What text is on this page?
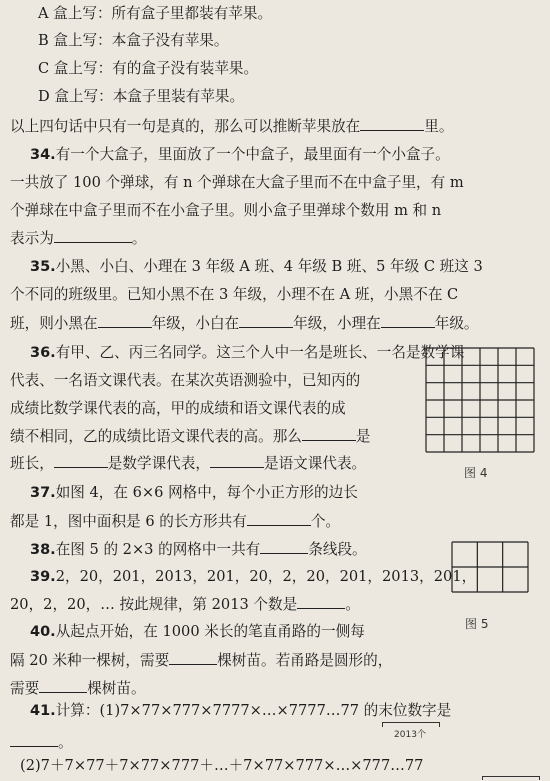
A 盒上写：所有盒子里都装有苹果。
B 盒上写：本盒子没有苹果。
C 盒上写：有的盒子没有装苹果。
D 盒上写：本盒子里装有苹果。
以上四句话中只有一句是真的，那么可以推断苹果放在	里。
34.有一个大盒子，里面放了一个中盒子，最里面有一个小盒子。
一共放了 100 个弹球，有 n 个弹球在大盒子里而不在中盒子里，有 m
个弹球在中盒子里而不在小盒子里。则小盒子里弹球个数用 m 和 n
表示为	。
35.小黑、小白、小理在 3 年级 A 班、4 年级 B 班、5 年级 C 班这 3
个不同的班级里。已知小黑不在 3 年级，小理不在 A 班，小黑不在 C
班，则小黑在	年级，小白在	年级，小理在	年级。
36.有甲、乙、丙三名同学。这三个人中一名是班长、一名是数学课
代表、一名语文课代表。在某次英语测验中，已知丙的
成绩比数学课代表的高，甲的成绩和语文课代表的成
绩不相同，乙的成绩比语文课代表的高。那么	是
班长，	是数学课代表，	是语文课代表。
图 4
37.如图 4，在 6×6 网格中，每个小正方形的边长
都是 1，图中面积是 6 的长方形共有	个。
38.在图 5 的 2×3 的网格中一共有	条线段。
图 5
39.2，20，201，2013，201，20，2，20，201，2013，201，
20，2，20，… 按此规律，第 2013 个数是	。
40.从起点开始，在 1000 米长的笔直甬路的一侧每
隔 20 米种一棵树，需要	棵树苗。若甬路是圆形的，
需要	棵树苗。
41.计算：(1)7×77×777×7777×…×7777…77 的末位数字是
2013个
。
(2)7＋7×77＋7×77×777＋…＋7×77×777×…×777…77
